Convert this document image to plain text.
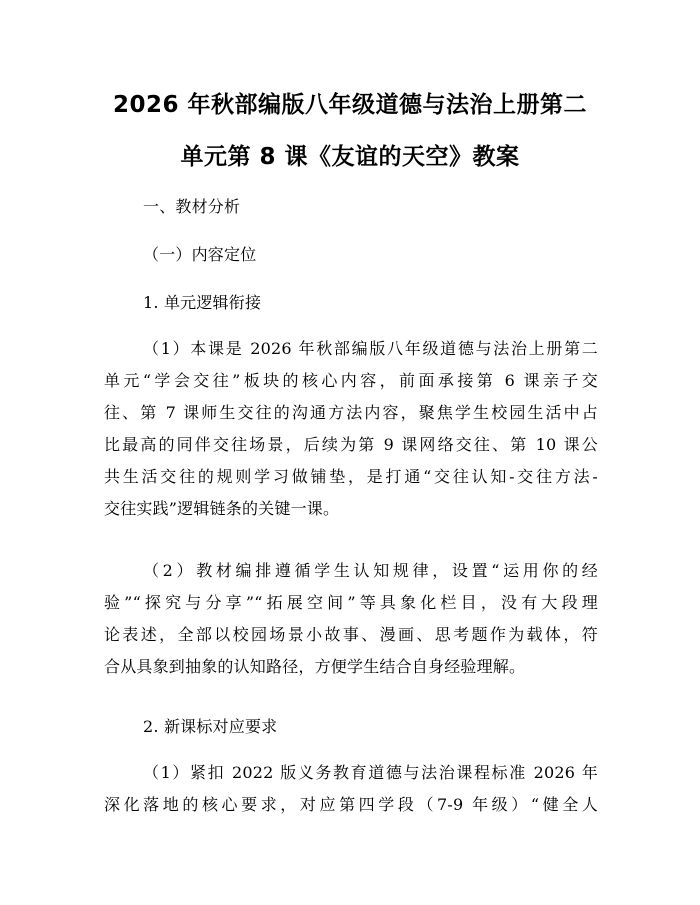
2026 年秋部编版八年级道德与法治上册第二
单元第 8 课《友谊的天空》教案
一、教材分析
（一）内容定位
1. 单元逻辑衔接
（1）本课是 2026 年秋部编版八年级道德与法治上册第二
单元“学会交往”板块的核心内容，前面承接第 6 课亲子交
往、第 7 课师生交往的沟通方法内容，聚焦学生校园生活中占
比最高的同伴交往场景，后续为第 9 课网络交往、第 10 课公
共生活交往的规则学习做铺垫，是打通“交往认知-交往方法-
交往实践”逻辑链条的关键一课。
（2）教材编排遵循学生认知规律，设置“运用你的经
验”“探究与分享”“拓展空间”等具象化栏目，没有大段理
论表述，全部以校园场景小故事、漫画、思考题作为载体，符
合从具象到抽象的认知路径，方便学生结合自身经验理解。
2. 新课标对应要求
（1）紧扣 2022 版义务教育道德与法治课程标准 2026 年
深化落地的核心要求，对应第四学段（7-9 年级）“健全人
